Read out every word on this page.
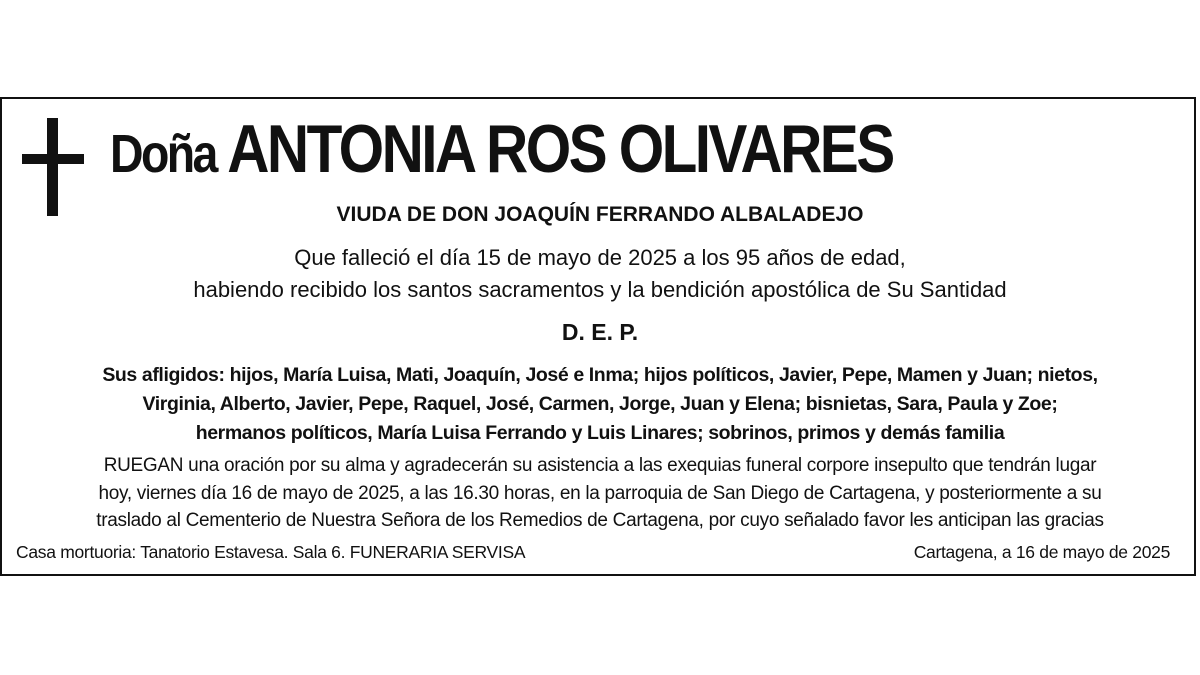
Doña ANTONIA ROS OLIVARES
VIUDA DE DON JOAQUÍN FERRANDO ALBALADEJO
Que falleció el día 15 de mayo de 2025 a los 95 años de edad,
habiendo recibido los santos sacramentos y la bendición apostólica de Su Santidad
D. E. P.
Sus afligidos: hijos, María Luisa, Mati, Joaquín, José e Inma; hijos políticos, Javier, Pepe, Mamen y Juan; nietos,
Virginia, Alberto, Javier, Pepe, Raquel, José, Carmen, Jorge, Juan y Elena; bisnietas, Sara, Paula y Zoe;
hermanos políticos, María Luisa Ferrando y Luis Linares; sobrinos, primos y demás familia
RUEGAN una oración por su alma y agradecerán su asistencia a las exequias funeral corpore insepulto que tendrán lugar
hoy, viernes día 16 de mayo de 2025, a las 16.30 horas, en la parroquia de San Diego de Cartagena, y posteriormente a su
traslado al Cementerio de Nuestra Señora de los Remedios de Cartagena, por cuyo señalado favor les anticipan las gracias
Casa mortuoria: Tanatorio Estavesa. Sala 6. FUNERARIA SERVISA	Cartagena, a 16 de mayo de 2025
